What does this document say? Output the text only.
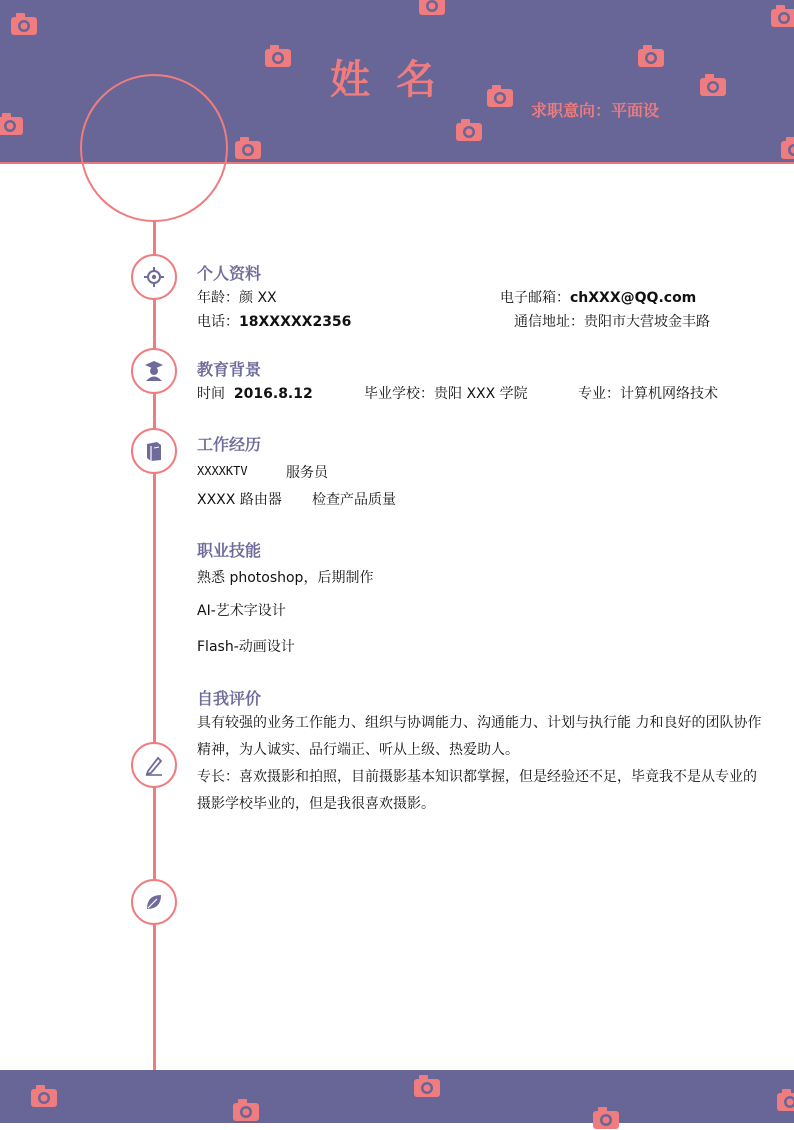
姓名
求职意向：平面设
个人资料
年龄：颜 XX	电子邮箱：chXXX@QQ.com
电话：18XXXXX2356	通信地址：贵阳市大营坡金丰路
教育背景
时间 2016.8.12	毕业学校：贵阳 XXX 学院	专业：计算机网络技术
工作经历
XXXXKTV	服务员
XXXX 路由器 检查产品质量
职业技能
熟悉 photoshop，后期制作
AI-艺术字设计
Flash-动画设计
自我评价
具有较强的业务工作能力、组织与协调能力、沟通能力、计划与执行能 力和良好的团队协作精神，为人诚实、品行端正、听从上级、热爱助人。
专长：喜欢摄影和拍照，目前摄影基本知识都掌握，但是经验还不足，毕竟我不是从专业的摄影学校毕业的，但是我很喜欢摄影。
